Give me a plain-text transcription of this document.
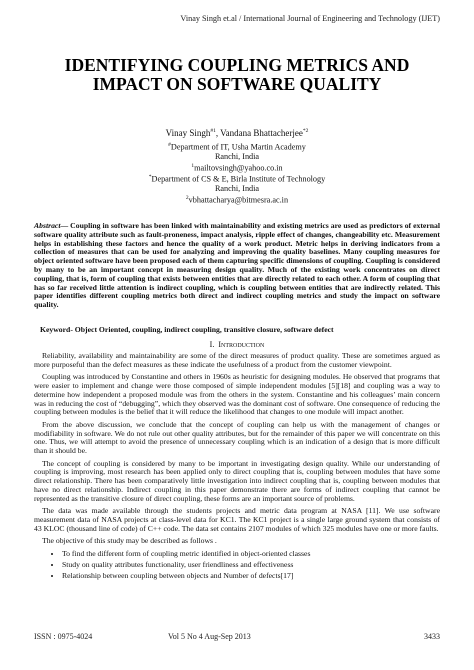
Vinay Singh et.al / International Journal of Engineering and Technology (IJET)
IDENTIFYING COUPLING METRICS AND IMPACT ON SOFTWARE QUALITY
Vinay Singh$^{\#1}$, Vandana Bhattacherjee$^{*2}$
#Department of IT, Usha Martin Academy
Ranchi, India
$^1$mailtovsingh@yahoo.co.in
*Department of CS & E, Birla Institute of Technology
Ranchi, India
$^2$vbhattacharya@bitmesra.ac.in
Abstract— Coupling in software has been linked with maintainability and existing metrics are used as predictors of external software quality attribute such as fault-proneness, impact analysis, ripple effect of changes, changeability etc. Measurement helps in establishing these factors and hence the quality of a work product. Metric helps in deriving indicators from a collection of measures that can be used for analyzing and improving the quality baselines. Many coupling measures for object oriented software have been proposed each of them capturing specific dimensions of coupling. Coupling is considered by many to be an important concept in measuring design quality. Much of the existing work concentrates on direct coupling, that is, form of coupling that exists between entities that are directly related to each other. A form of coupling that has so far received little attention is indirect coupling, which is coupling between entities that are indirectly related. This paper identifies different coupling metrics both direct and indirect coupling metrics and study the impact on software quality.
Keyword- Object Oriented, coupling, indirect coupling, transitive closure, software defect
I. Introduction

Reliability, availability and maintainability are some of the direct measures of product quality. These are sometimes argued as more purposeful than the defect measures as these indicate the usefulness of a product from the customer viewpoint.

Coupling was introduced by Constantine and others in 1960s as heuristic for designing modules. He observed that programs that were easier to implement and change were those composed of simple independent modules [5][18] and coupling was a way to determine how independent a proposed module was from the others in the system. Constantine and his colleagues’ main concern was in reducing the cost of “debugging”, which they observed was the dominant cost of software. One consequence of reducing the coupling between modules is the belief that it will reduce the likelihood that changes to one module will impact another.

From the above discussion, we conclude that the concept of coupling can help us with the management of changes or modifiability in software. We do not rule out other quality attributes, but for the remainder of this paper we will concentrate on this one. Thus, we will attempt to avoid the presence of unnecessary coupling which is an indication of a design that is more difficult than it should be.

The concept of coupling is considered by many to be important in investigating design quality. While our understanding of coupling is improving, most research has been applied only to direct coupling that is, coupling between modules that have some direct relationship. There has been comparatively little investigation into indirect coupling that is, coupling between modules that have no direct relationship. Indirect coupling in this paper demonstrate there are forms of indirect coupling that cannot be represented as the transitive closure of direct coupling, these forms are an important source of problems.

The data was made available through the students projects and metric data program at NASA [11]. We use software measurement data of NASA projects at class-level data for KC1. The KC1 project is a single large ground system that consists of 43 KLOC (thousand line of code) of C++ code. The data set contains 2107 modules of which 325 modules have one or more faults.

The objective of this study may be described as follows .

• To find the different form of coupling metric identified in object-oriented classes
• Study on quality attributes functionality, user friendliness and effectiveness
• Relationship between coupling between objects and Number of defects[17]
ISSN : 0975-4024	Vol 5 No 4 Aug-Sep 2013	3433
